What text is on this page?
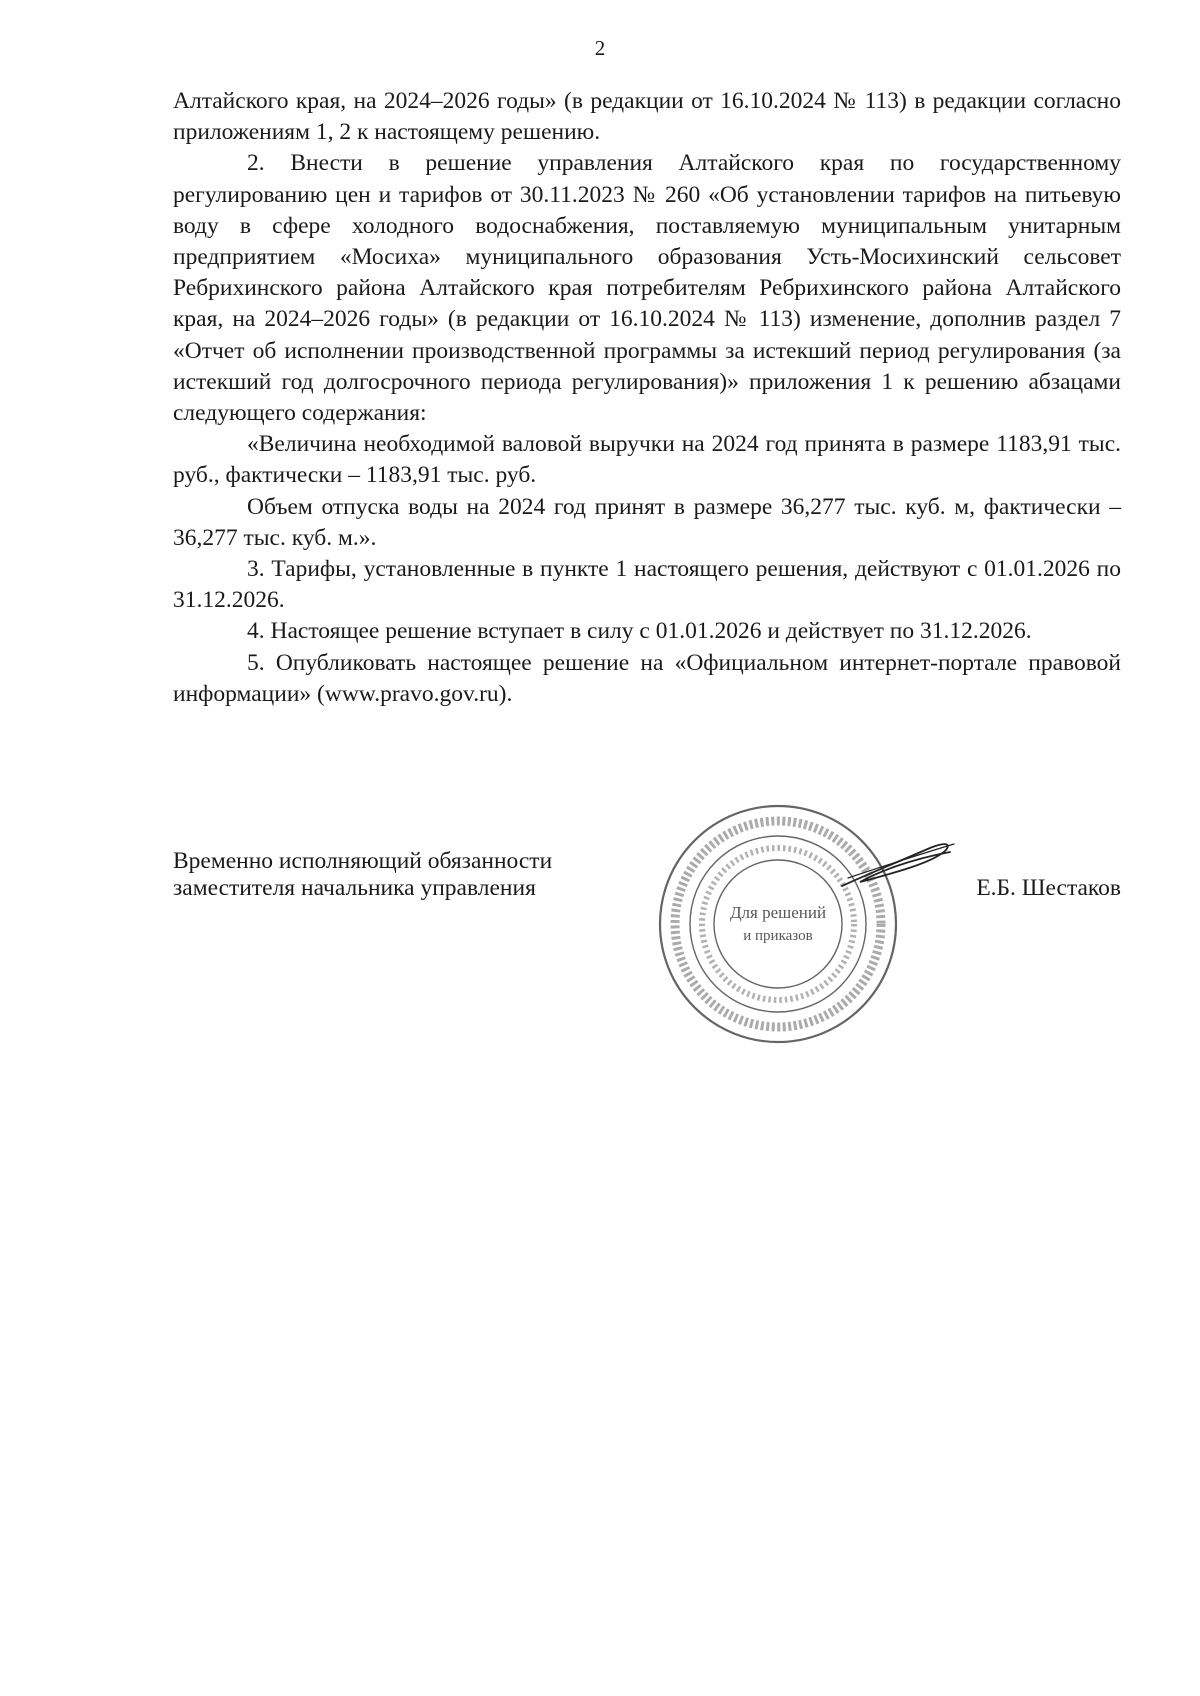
2

Алтайского края, на 2024–2026 годы» (в редакции от 16.10.2024 № 113) в редакции согласно приложениям 1, 2 к настоящему решению.

2. Внести в решение управления Алтайского края по государственному регулированию цен и тарифов от 30.11.2023 № 260 «Об установлении тарифов на питьевую воду в сфере холодного водоснабжения, поставляемую муниципальным унитарным предприятием «Мосиха» муниципального образования Усть-Мосихинский сельсовет Ребрихинского района Алтайского края потребителям Ребрихинского района Алтайского края, на 2024–2026 годы» (в редакции от 16.10.2024 № 113) изменение, дополнив раздел 7 «Отчет об исполнении производственной программы за истекший период регулирования (за истекший год долгосрочного периода регулирования)» приложения 1 к решению абзацами следующего содержания:

«Величина необходимой валовой выручки на 2024 год принята в размере 1183,91 тыс. руб., фактически – 1183,91 тыс. руб.

Объем отпуска воды на 2024 год принят в размере 36,277 тыс. куб. м, фактически – 36,277 тыс. куб. м.».

3. Тарифы, установленные в пункте 1 настоящего решения, действуют с 01.01.2026 по 31.12.2026.

4. Настоящее решение вступает в силу с 01.01.2026 и действует по 31.12.2026.

5. Опубликовать настоящее решение на «Официальном интернет-портале правовой информации» (www.pravo.gov.ru).

Временно исполняющий обязанности
заместителя начальника управления
Для решений
и приказов
Е.Б. Шестаков
